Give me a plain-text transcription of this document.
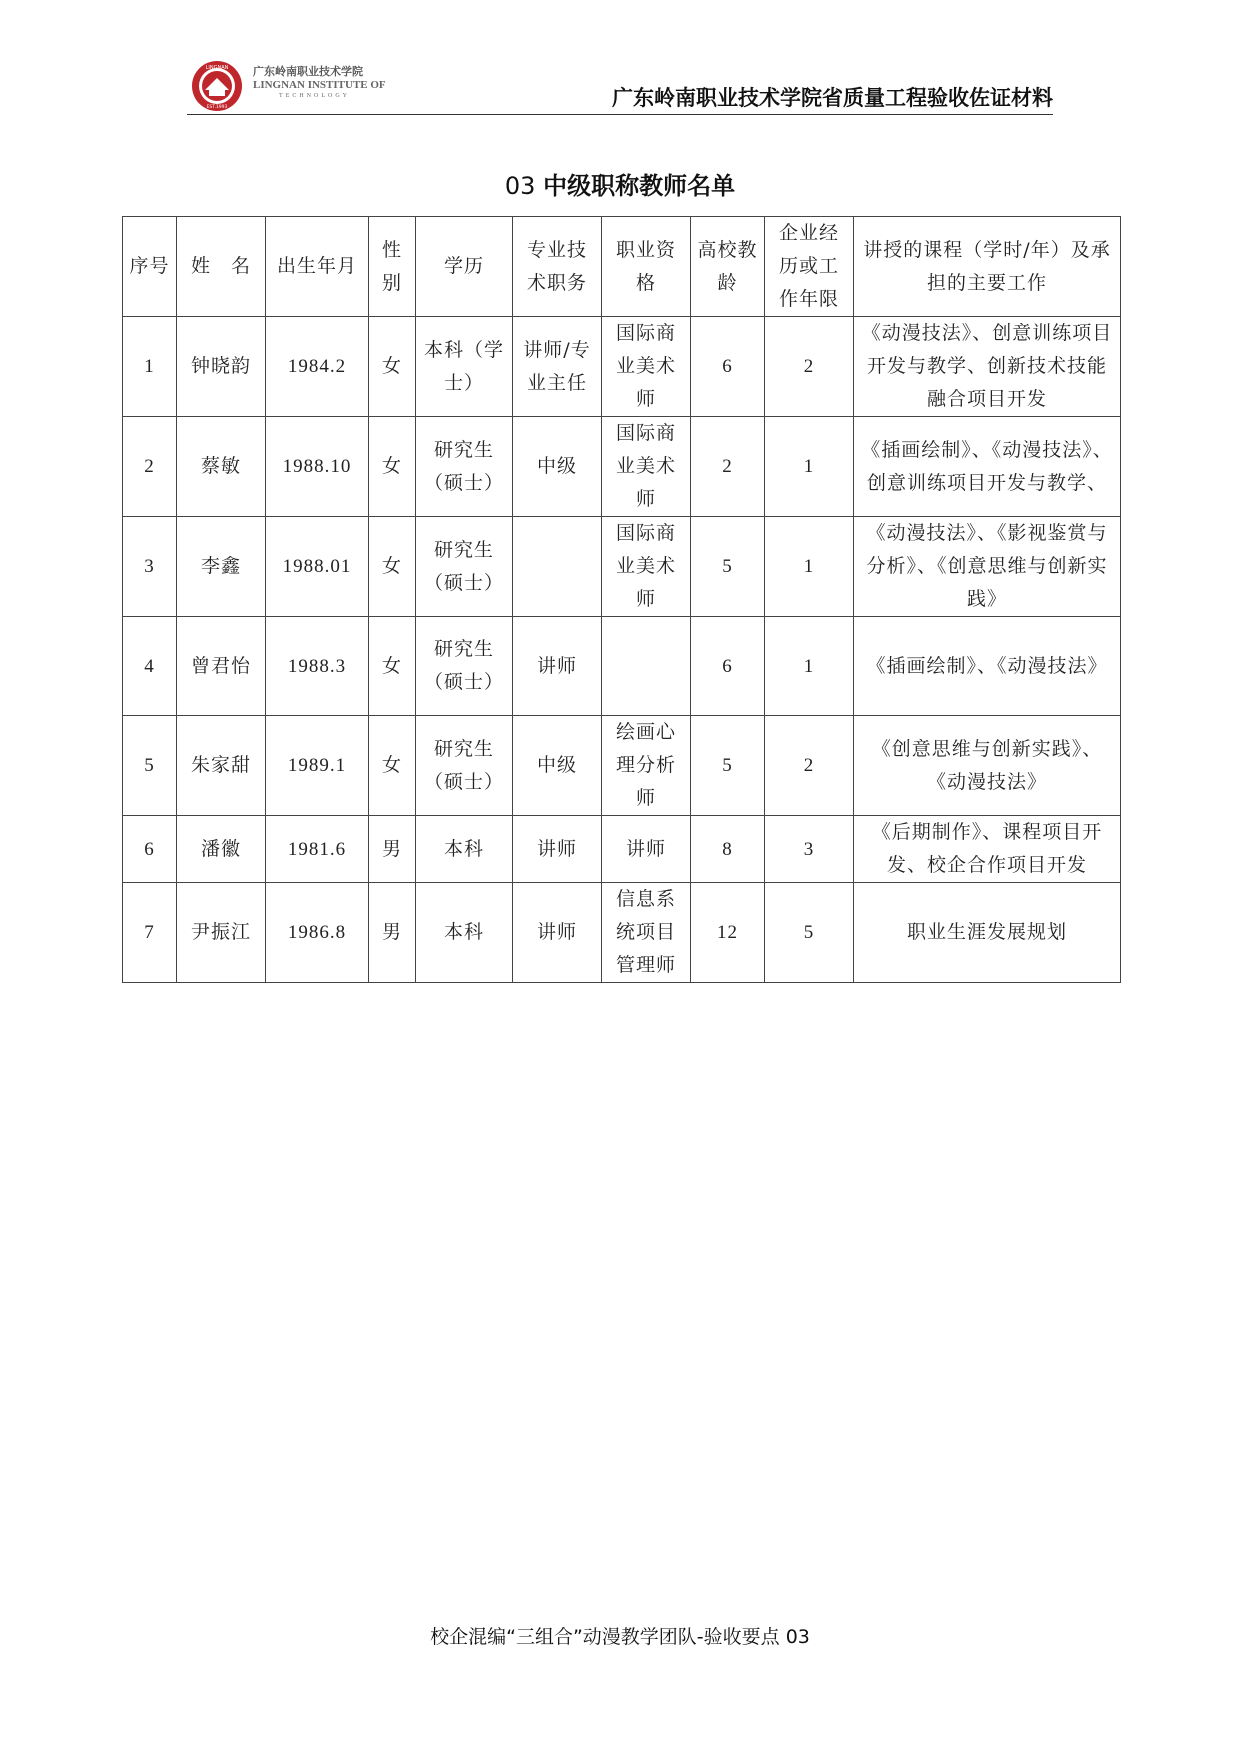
LINGNAN
EST.1993
广东岭南职业技术学院
LINGNAN INSTITUTE OF
TECHNOLOGY	广东岭南职业技术学院省质量工程验收佐证材料
03 中级职称教师名单
序号	姓　名	出生年月	性别	学历	专业技术职务	职业资格	高校教龄	企业经历或工作年限	讲授的课程（学时/年）及承担的主要工作
1	钟晓韵	1984.2	女	本科（学士）	讲师/专业主任	国际商业美术师	6	2	《动漫技法》、创意训练项目开发与教学、创新技术技能融合项目开发
2	蔡敏	1988.10	女	研究生（硕士）	中级	国际商业美术师	2	1	《插画绘制》、《动漫技法》、创意训练项目开发与教学、
3	李鑫	1988.01	女	研究生（硕士）		国际商业美术师	5	1	《动漫技法》、《影视鉴赏与分析》、《创意思维与创新实践》
4	曾君怡	1988.3	女	研究生（硕士）	讲师		6	1	《插画绘制》、《动漫技法》
5	朱家甜	1989.1	女	研究生（硕士）	中级	绘画心理分析师	5	2	《创意思维与创新实践》、《动漫技法》
6	潘徽	1981.6	男	本科	讲师	讲师	8	3	《后期制作》、课程项目开发、校企合作项目开发
7	尹振江	1986.8	男	本科	讲师	信息系统项目管理师	12	5	职业生涯发展规划
校企混编“三组合”动漫教学团队-验收要点 03
